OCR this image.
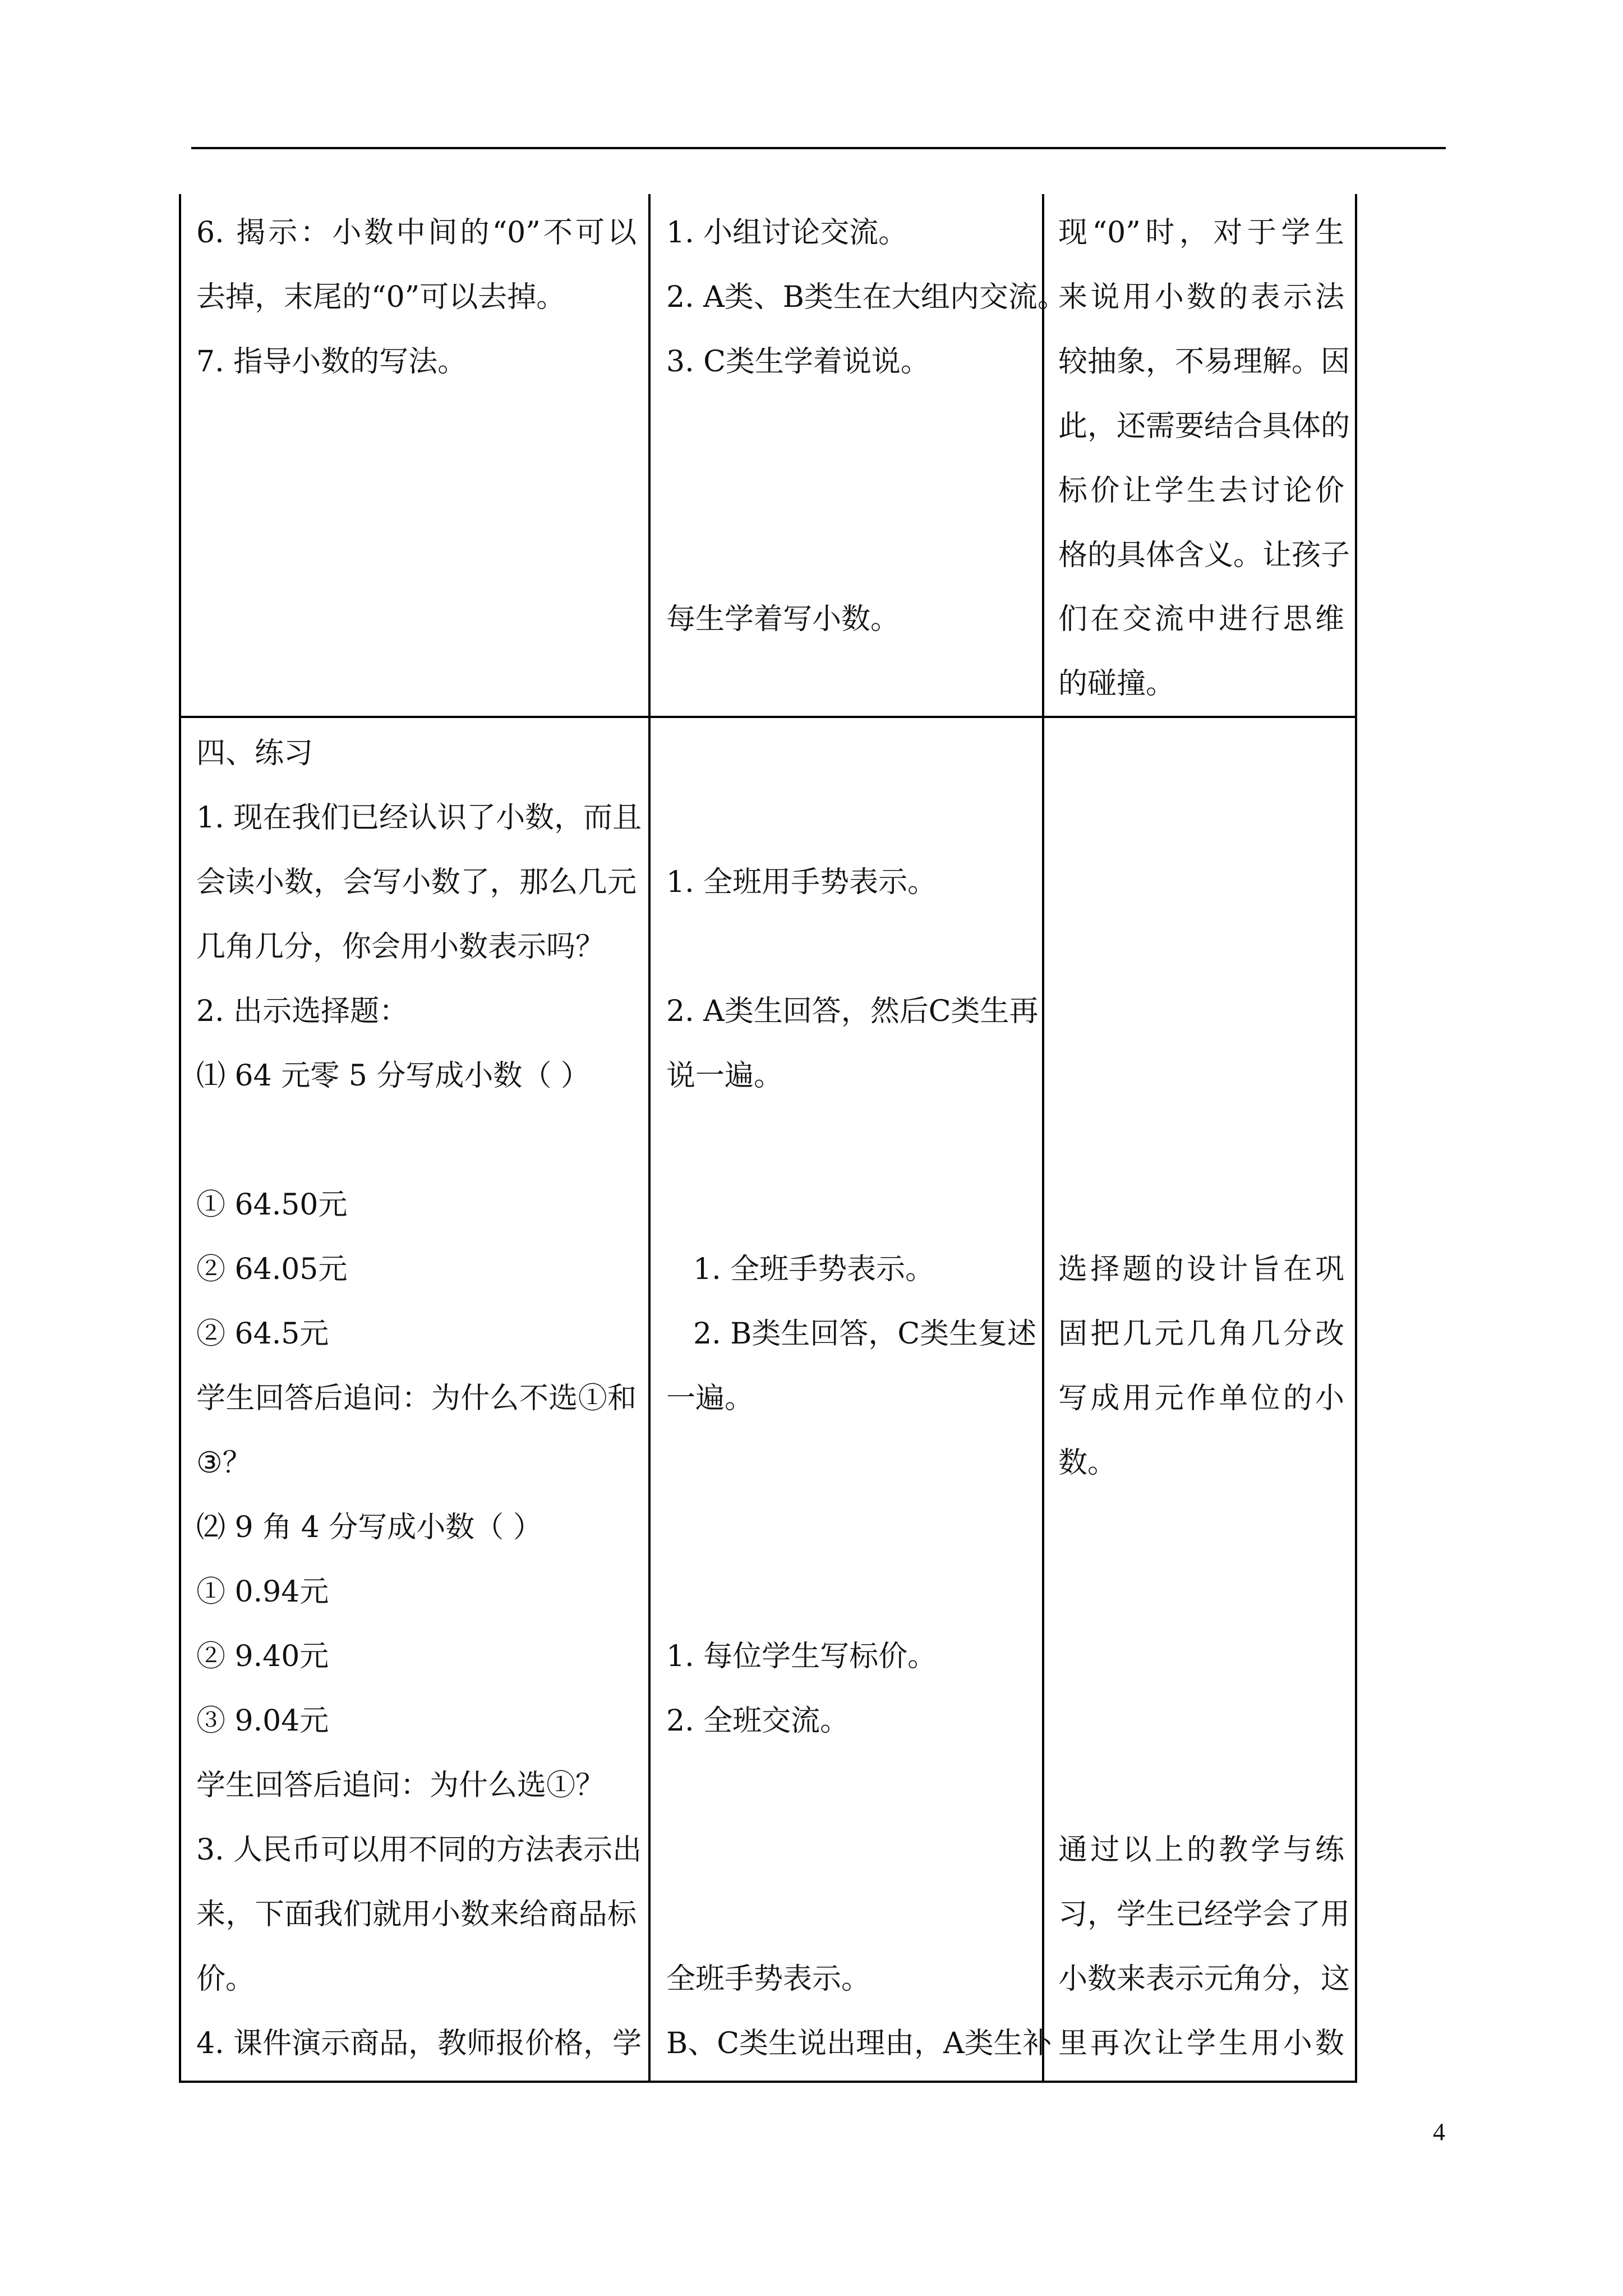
6. 揭示：小数中间的“0”不可以
去掉，末尾的“0”可以去掉。
7. 指导小数的写法。
1. 小组讨论交流。
2. A类、B类生在大组内交流。
3. C类生学着说说。
每生学着写小数。
现“0”时，对于学生
来说用小数的表示法
较抽象，不易理解。因
此，还需要结合具体的
标价让学生去讨论价
格的具体含义。让孩子
们在交流中进行思维
的碰撞。
四、练习
1. 现在我们已经认识了小数，而且
会读小数，会写小数了，那么几元
几角几分，你会用小数表示吗？
2. 出示选择题：
⑴ 64 元零 5 分写成小数（ ）
① 64.50元
② 64.05元
② 64.5元
学生回答后追问：为什么不选①和
③？
⑵ 9 角 4 分写成小数（ ）
① 0.94元
② 9.40元
③ 9.04元
学生回答后追问：为什么选①？
3. 人民币可以用不同的方法表示出
来，下面我们就用小数来给商品标
价。
4. 课件演示商品，教师报价格，学
1. 全班用手势表示。
2. A类生回答，然后C类生再
说一遍。
1. 全班手势表示。
2. B类生回答，C类生复述
一遍。
1. 每位学生写标价。
2. 全班交流。
全班手势表示。
B、C类生说出理由，A类生补
选择题的设计旨在巩
固把几元几角几分改
写成用元作单位的小
数。
通过以上的教学与练
习，学生已经学会了用
小数来表示元角分，这
里再次让学生用小数
4
